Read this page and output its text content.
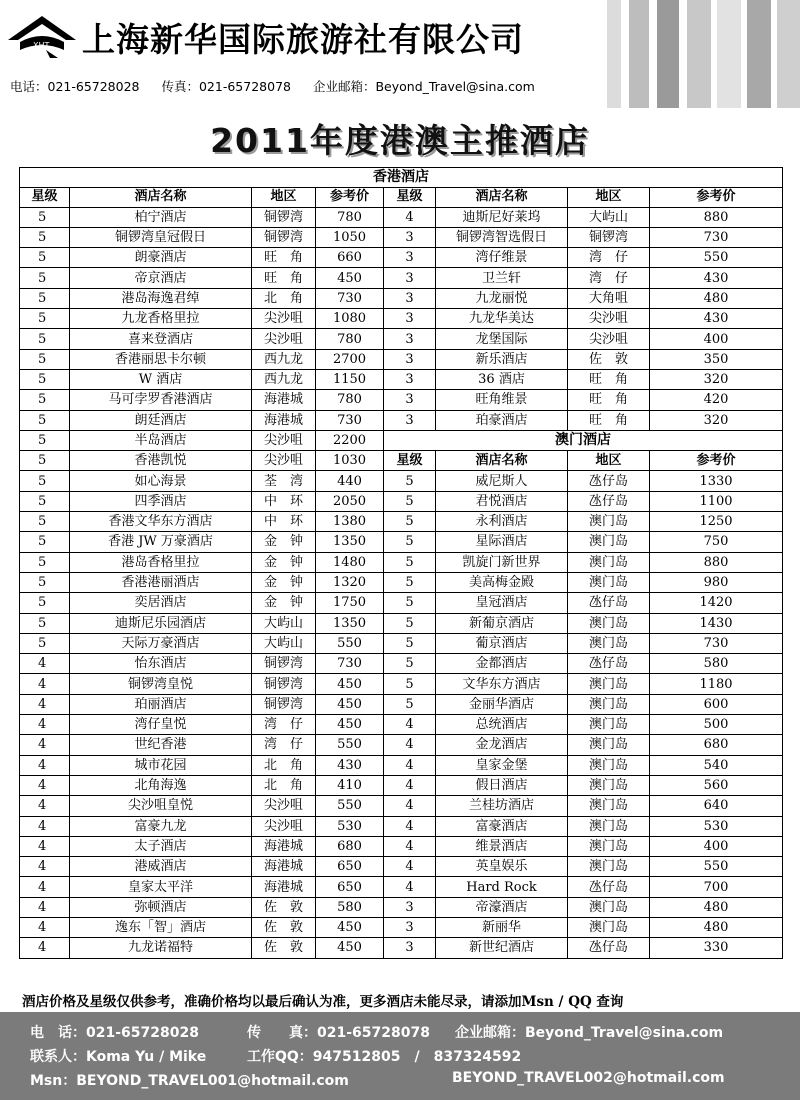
XHT 上海新华国际旅游社有限公司
电话：021-65728028 传真：021-65728078 企业邮箱：Beyond_Travel@sina.com
2011年度港澳主推酒店

星级	酒店名称	地区	参考价
5	柏宁酒店	铜锣湾	780
5	铜锣湾皇冠假日	铜锣湾	1050
5	朗豪酒店	旺　角	660
5	帝京酒店	旺　角	450
5	港岛海逸君绰	北　角	730
5	九龙香格里拉	尖沙咀	1080
5	喜来登酒店	尖沙咀	780
5	香港丽思卡尔顿	西九龙	2700
5	W 酒店	西九龙	1150
5	马可孛罗香港酒店	海港城	780
5	朗廷酒店	海港城	730
5	半岛酒店	尖沙咀	2200
5	香港凯悦	尖沙咀	1030
5	如心海景	荃　湾	440
5	四季酒店	中　环	2050
5	香港文华东方酒店	中　环	1380
5	香港 JW 万豪酒店	金　钟	1350
5	港岛香格里拉	金　钟	1480
5	香港港丽酒店	金　钟	1320
5	奕居酒店	金　钟	1750
5	迪斯尼乐园酒店	大屿山	1350
5	天际万豪酒店	大屿山	550
4	怡东酒店	铜锣湾	730
4	铜锣湾皇悦	铜锣湾	450
4	珀丽酒店	铜锣湾	450
4	湾仔皇悦	湾　仔	450
4	世纪香港	湾　仔	550
4	城市花园	北　角	430
4	北角海逸	北　角	410
4	尖沙咀皇悦	尖沙咀	550
4	富豪九龙	尖沙咀	530
4	太子酒店	海港城	680
4	港威酒店	海港城	650
4	皇家太平洋	海港城	650
4	弥顿酒店	佐　敦	580
4	逸东「智」酒店	佐　敦	450
4	九龙诺福特	佐　敦	450

星级	酒店名称	地区	参考价
4	迪斯尼好莱坞	大屿山	880
3	铜锣湾智选假日	铜锣湾	730
3	湾仔维景	湾　仔	550
3	卫兰轩	湾　仔	430
3	九龙丽悦	大角咀	480
3	九龙华美达	尖沙咀	430
3	龙堡国际	尖沙咀	400
3	新乐酒店	佐　敦	350
3	36 酒店	旺　角	320
3	旺角维景	旺　角	420
3	珀豪酒店	旺　角	320
澳门酒店			
星级	酒店名称	地区	参考价
5	威尼斯人	氹仔岛	1330
5	君悦酒店	氹仔岛	1100
5	永利酒店	澳门岛	1250
5	星际酒店	澳门岛	750
5	凯旋门新世界	澳门岛	880
5	美高梅金殿	澳门岛	980
5	皇冠酒店	氹仔岛	1420
5	新葡京酒店	澳门岛	1430
5	葡京酒店	澳门岛	730
5	金都酒店	氹仔岛	580
5	文华东方酒店	澳门岛	1180
5	金丽华酒店	澳门岛	600
4	总统酒店	澳门岛	500
4	金龙酒店	澳门岛	680
4	皇家金堡	澳门岛	540
4	假日酒店	澳门岛	560
4	兰桂坊酒店	澳门岛	640
4	富豪酒店	澳门岛	530
4	维景酒店	澳门岛	400
4	英皇娱乐	澳门岛	550
4	Hard Rock	氹仔岛	700
3	帝濠酒店	澳门岛	480
3	新丽华	澳门岛	480
3	新世纪酒店	氹仔岛	330
香港酒店
酒店价格及星级仅供参考，准确价格均以最后确认为准，更多酒店未能尽录，请添加Msn / QQ 查询
电　话：021-65728028	传　　真：021-65728078 企业邮箱：Beyond_Travel@sina.com
联系人：Koma Yu / Mike	工作QQ：947512805　/　837324592
Msn：BEYOND_TRAVEL001@hotmail.com	BEYOND_TRAVEL002@hotmail.com
